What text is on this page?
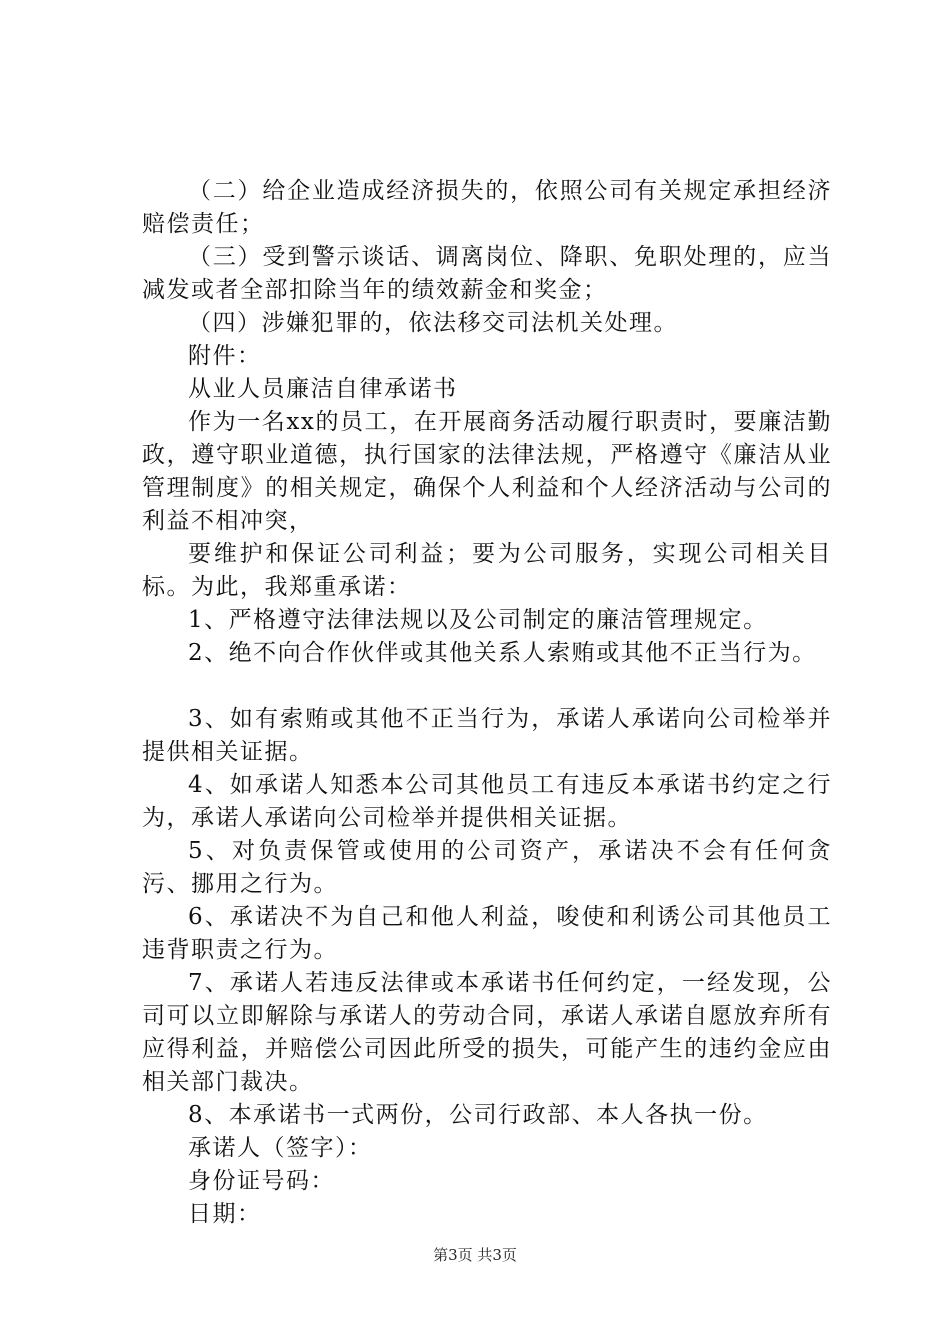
（二）给企业造成经济损失的，依照公司有关规定承担经济赔偿责任；

（三）受到警示谈话、调离岗位、降职、免职处理的，应当减发或者全部扣除当年的绩效薪金和奖金；

（四）涉嫌犯罪的，依法移交司法机关处理。

附件：

从业人员廉洁自律承诺书

作为一名xx的员工，在开展商务活动履行职责时，要廉洁勤政，遵守职业道德，执行国家的法律法规，严格遵守《廉洁从业管理制度》的相关规定，确保个人利益和个人经济活动与公司的利益不相冲突，

要维护和保证公司利益；要为公司服务，实现公司相关目标。为此，我郑重承诺：

1、严格遵守法律法规以及公司制定的廉洁管理规定。

2、绝不向合作伙伴或其他关系人索贿或其他不正当行为。

3、如有索贿或其他不正当行为，承诺人承诺向公司检举并提供相关证据。

4、如承诺人知悉本公司其他员工有违反本承诺书约定之行为，承诺人承诺向公司检举并提供相关证据。

5、对负责保管或使用的公司资产，承诺决不会有任何贪污、挪用之行为。

6、承诺决不为自己和他人利益，唆使和利诱公司其他员工违背职责之行为。

7、承诺人若违反法律或本承诺书任何约定，一经发现，公司可以立即解除与承诺人的劳动合同，承诺人承诺自愿放弃所有应得利益，并赔偿公司因此所受的损失，可能产生的违约金应由相关部门裁决。

8、本承诺书一式两份，公司行政部、本人各执一份。

承诺人（签字）：

身份证号码：

日期：

第3页 共3页
